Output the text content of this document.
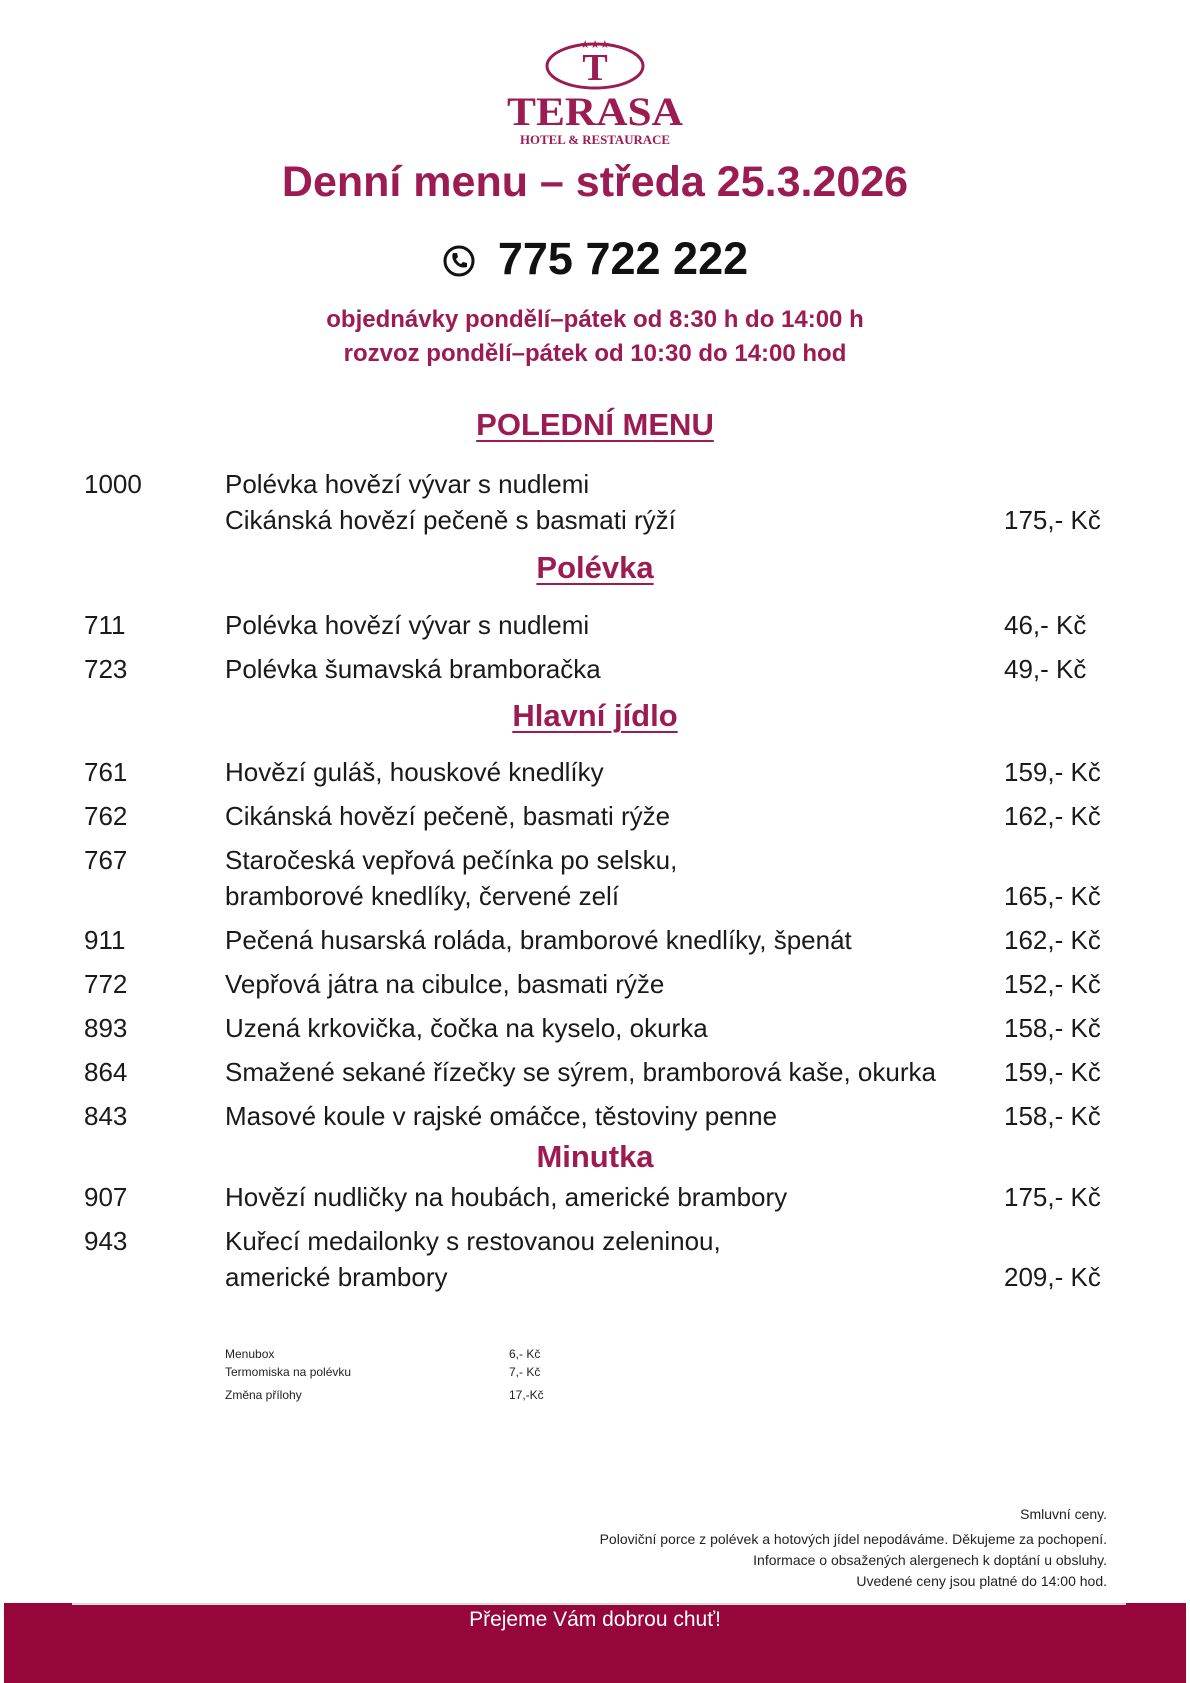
★★★
T
TERASA
HOTEL & RESTAURACE
Denní menu – středa 25.3.2026
775 722 222
objednávky pondělí–pátek od 8:30 h do 14:00 h
rozvoz pondělí–pátek od 10:30 do 14:00 hod
POLEDNÍ MENU
1000	Polévka hovězí vývar s nudlemi
Cikánská hovězí pečeně s basmati rýží	175,- Kč
Polévka
711	Polévka hovězí vývar s nudlemi	46,- Kč
723	Polévka šumavská bramboračka	49,- Kč
Hlavní jídlo
761	Hovězí guláš, houskové knedlíky	159,- Kč
762	Cikánská hovězí pečeně, basmati rýže	162,- Kč
767	Staročeská vepřová pečínka po selsku,
bramborové knedlíky, červené zelí	165,- Kč
911	Pečená husarská roláda, bramborové knedlíky, špenát	162,- Kč
772	Vepřová játra na cibulce, basmati rýže	152,- Kč
893	Uzená krkovička, čočka na kyselo, okurka	158,- Kč
864	Smažené sekané řízečky se sýrem, bramborová kaše, okurka	159,- Kč
843	Masové koule v rajské omáčce, těstoviny penne	158,- Kč
Minutka
907	Hovězí nudličky na houbách, americké brambory	175,- Kč
943	Kuřecí medailonky s restovanou zeleninou,
americké brambory	209,- Kč
Menubox	6,- Kč
Termomiska na polévku	7,- Kč
Změna přílohy	17,-Kč
Smluvní ceny.
Poloviční porce z polévek a hotových jídel nepodáváme. Děkujeme za pochopení.
Informace o obsažených alergenech k doptání u obsluhy.
Uvedené ceny jsou platné do 14:00 hod.
Přejeme Vám dobrou chuť!
